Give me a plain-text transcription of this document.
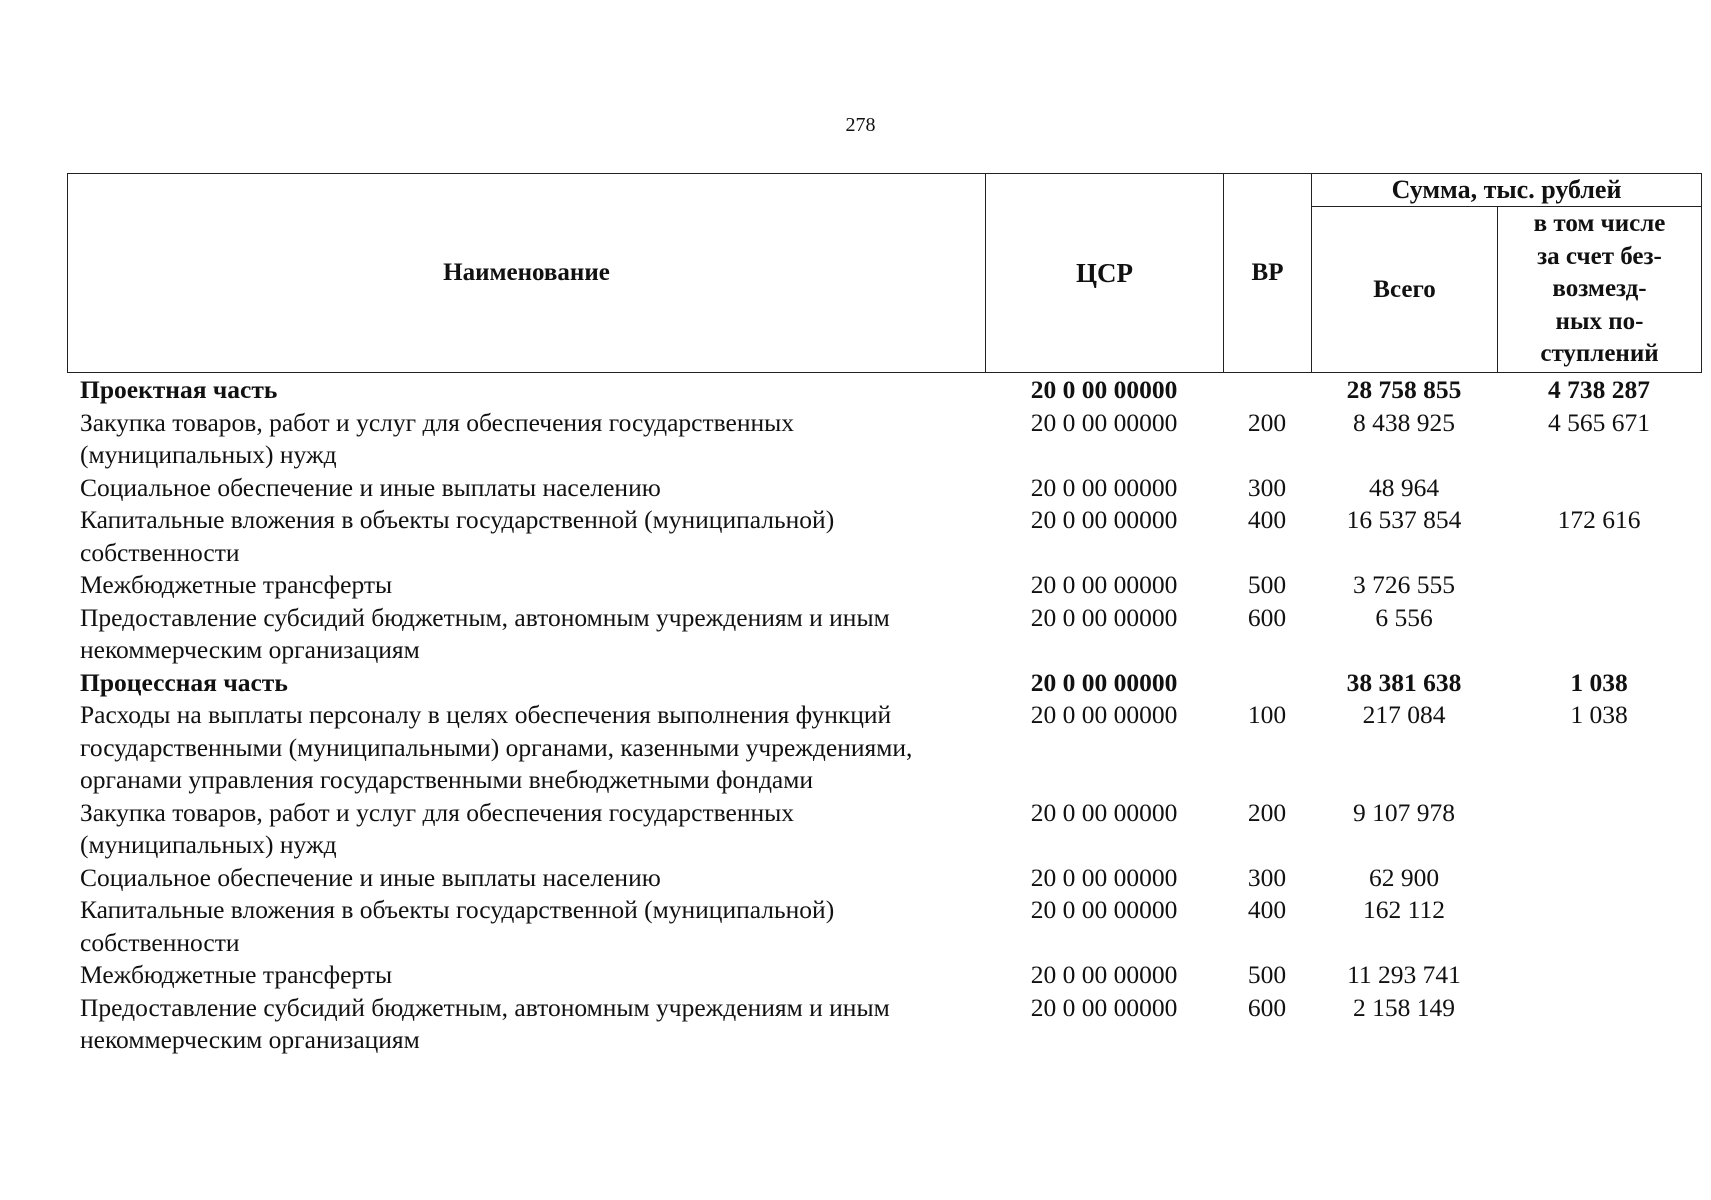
278
Наименование	ЦСР	ВР	Сумма, тыс. рублей	
			Всего	в том числе
за счет без-
возмезд-
ных по-
ступлений
Проектная часть	20 0 00 00000		28 758 855	4 738 287
Закупка товаров, работ и услуг для обеспечения государственных (муниципальных) нужд	20 0 00 00000	200	8 438 925	4 565 671
Социальное обеспечение и иные выплаты населению	20 0 00 00000	300	48 964	
Капитальные вложения в объекты государственной (муниципальной) собственности	20 0 00 00000	400	16 537 854	172 616
Межбюджетные трансферты	20 0 00 00000	500	3 726 555	
Предоставление субсидий бюджетным, автономным учреждениям и иным некоммерческим организациям	20 0 00 00000	600	6 556	
Процессная часть	20 0 00 00000		38 381 638	1 038
Расходы на выплаты персоналу в целях обеспечения выполнения функций государственными (муниципальными) органами, казенными учреждениями, органами управления государственными внебюджетными фондами	20 0 00 00000	100	217 084	1 038
Закупка товаров, работ и услуг для обеспечения государственных (муниципальных) нужд	20 0 00 00000	200	9 107 978	
Социальное обеспечение и иные выплаты населению	20 0 00 00000	300	62 900	
Капитальные вложения в объекты государственной (муниципальной) собственности	20 0 00 00000	400	162 112	
Межбюджетные трансферты	20 0 00 00000	500	11 293 741	
Предоставление субсидий бюджетным, автономным учреждениям и иным некоммерческим организациям	20 0 00 00000	600	2 158 149	
